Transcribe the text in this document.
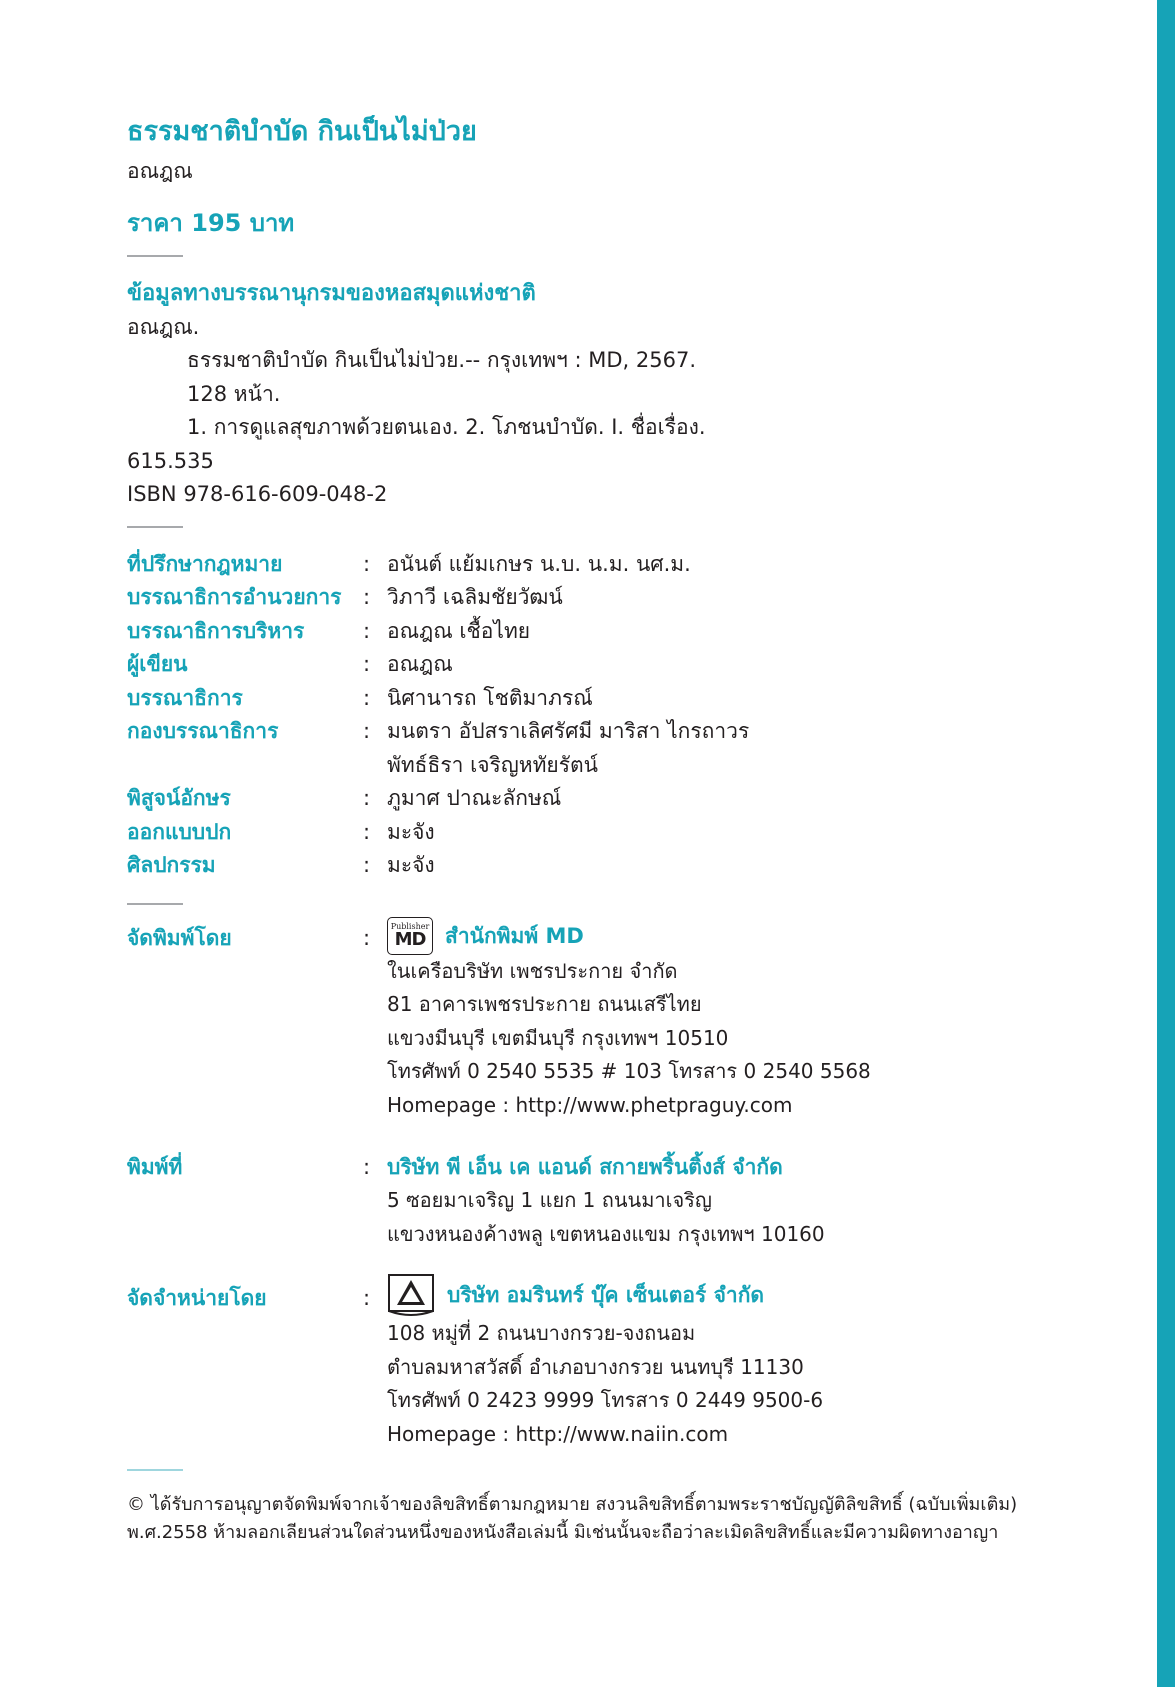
ธรรมชาติบำบัด กินเป็นไม่ป่วย

อณฎณ

ราคา 195 บาท

ข้อมูลทางบรรณานุกรมของหอสมุดแห่งชาติ

อณฎณ.

ธรรมชาติบำบัด กินเป็นไม่ป่วย.-- กรุงเทพฯ : MD, 2567.

128 หน้า.

1. การดูแลสุขภาพด้วยตนเอง. 2. โภชนบำบัด. I. ชื่อเรื่อง.

615.535

ISBN 978-616-609-048-2

ที่ปรึกษากฎหมาย	: อนันต์ แย้มเกษร น.บ. น.ม. นศ.ม.
บรรณาธิการอำนวยการ	: วิภาวี เฉลิมชัยวัฒน์
บรรณาธิการบริหาร	: อณฎณ เชื้อไทย
ผู้เขียน	: อณฎณ
บรรณาธิการ	: นิศานารถ โชติมาภรณ์
กองบรรณาธิการ	: มนตรา อัปสราเลิศรัศมี มาริสา ไกรถาวร
พัทธ์ธิรา เจริญหทัยรัตน์
พิสูจน์อักษร	: ภูมาศ ปาณะลักษณ์
ออกแบบปก	: มะจัง
ศิลปกรรม	: มะจัง
จัดพิมพ์โดย	:	Publisher
MD สำนักพิมพ์ MD
ในเครือบริษัท เพชรประกาย จำกัด
81 อาคารเพชรประกาย ถนนเสรีไทย
แขวงมีนบุรี เขตมีนบุรี กรุงเทพฯ 10510
โทรศัพท์ 0 2540 5535 # 103 โทรสาร 0 2540 5568
Homepage : http://www.phetpraguy.com
พิมพ์ที่	: บริษัท พี เอ็น เค แอนด์ สกายพริ้นติ้งส์ จำกัด
5 ซอยมาเจริญ 1 แยก 1 ถนนมาเจริญ
แขวงหนองค้างพลู เขตหนองแขม กรุงเทพฯ 10160
จัดจำหน่ายโดย	:	บริษัท อมรินทร์ บุ๊ค เซ็นเตอร์ จำกัด
108 หมู่ที่ 2 ถนนบางกรวย-จงถนอม
ตำบลมหาสวัสดิ์ อำเภอบางกรวย นนทบุรี 11130
โทรศัพท์ 0 2423 9999 โทรสาร 0 2449 9500-6
Homepage : http://www.naiin.com

© ได้รับการอนุญาตจัดพิมพ์จากเจ้าของลิขสิทธิ์ตามกฎหมาย สงวนลิขสิทธิ์ตามพระราชบัญญัติลิขสิทธิ์ (ฉบับเพิ่มเติม)

พ.ศ.2558 ห้ามลอกเลียนส่วนใดส่วนหนึ่งของหนังสือเล่มนี้ มิเช่นนั้นจะถือว่าละเมิดลิขสิทธิ์และมีความผิดทางอาญา
